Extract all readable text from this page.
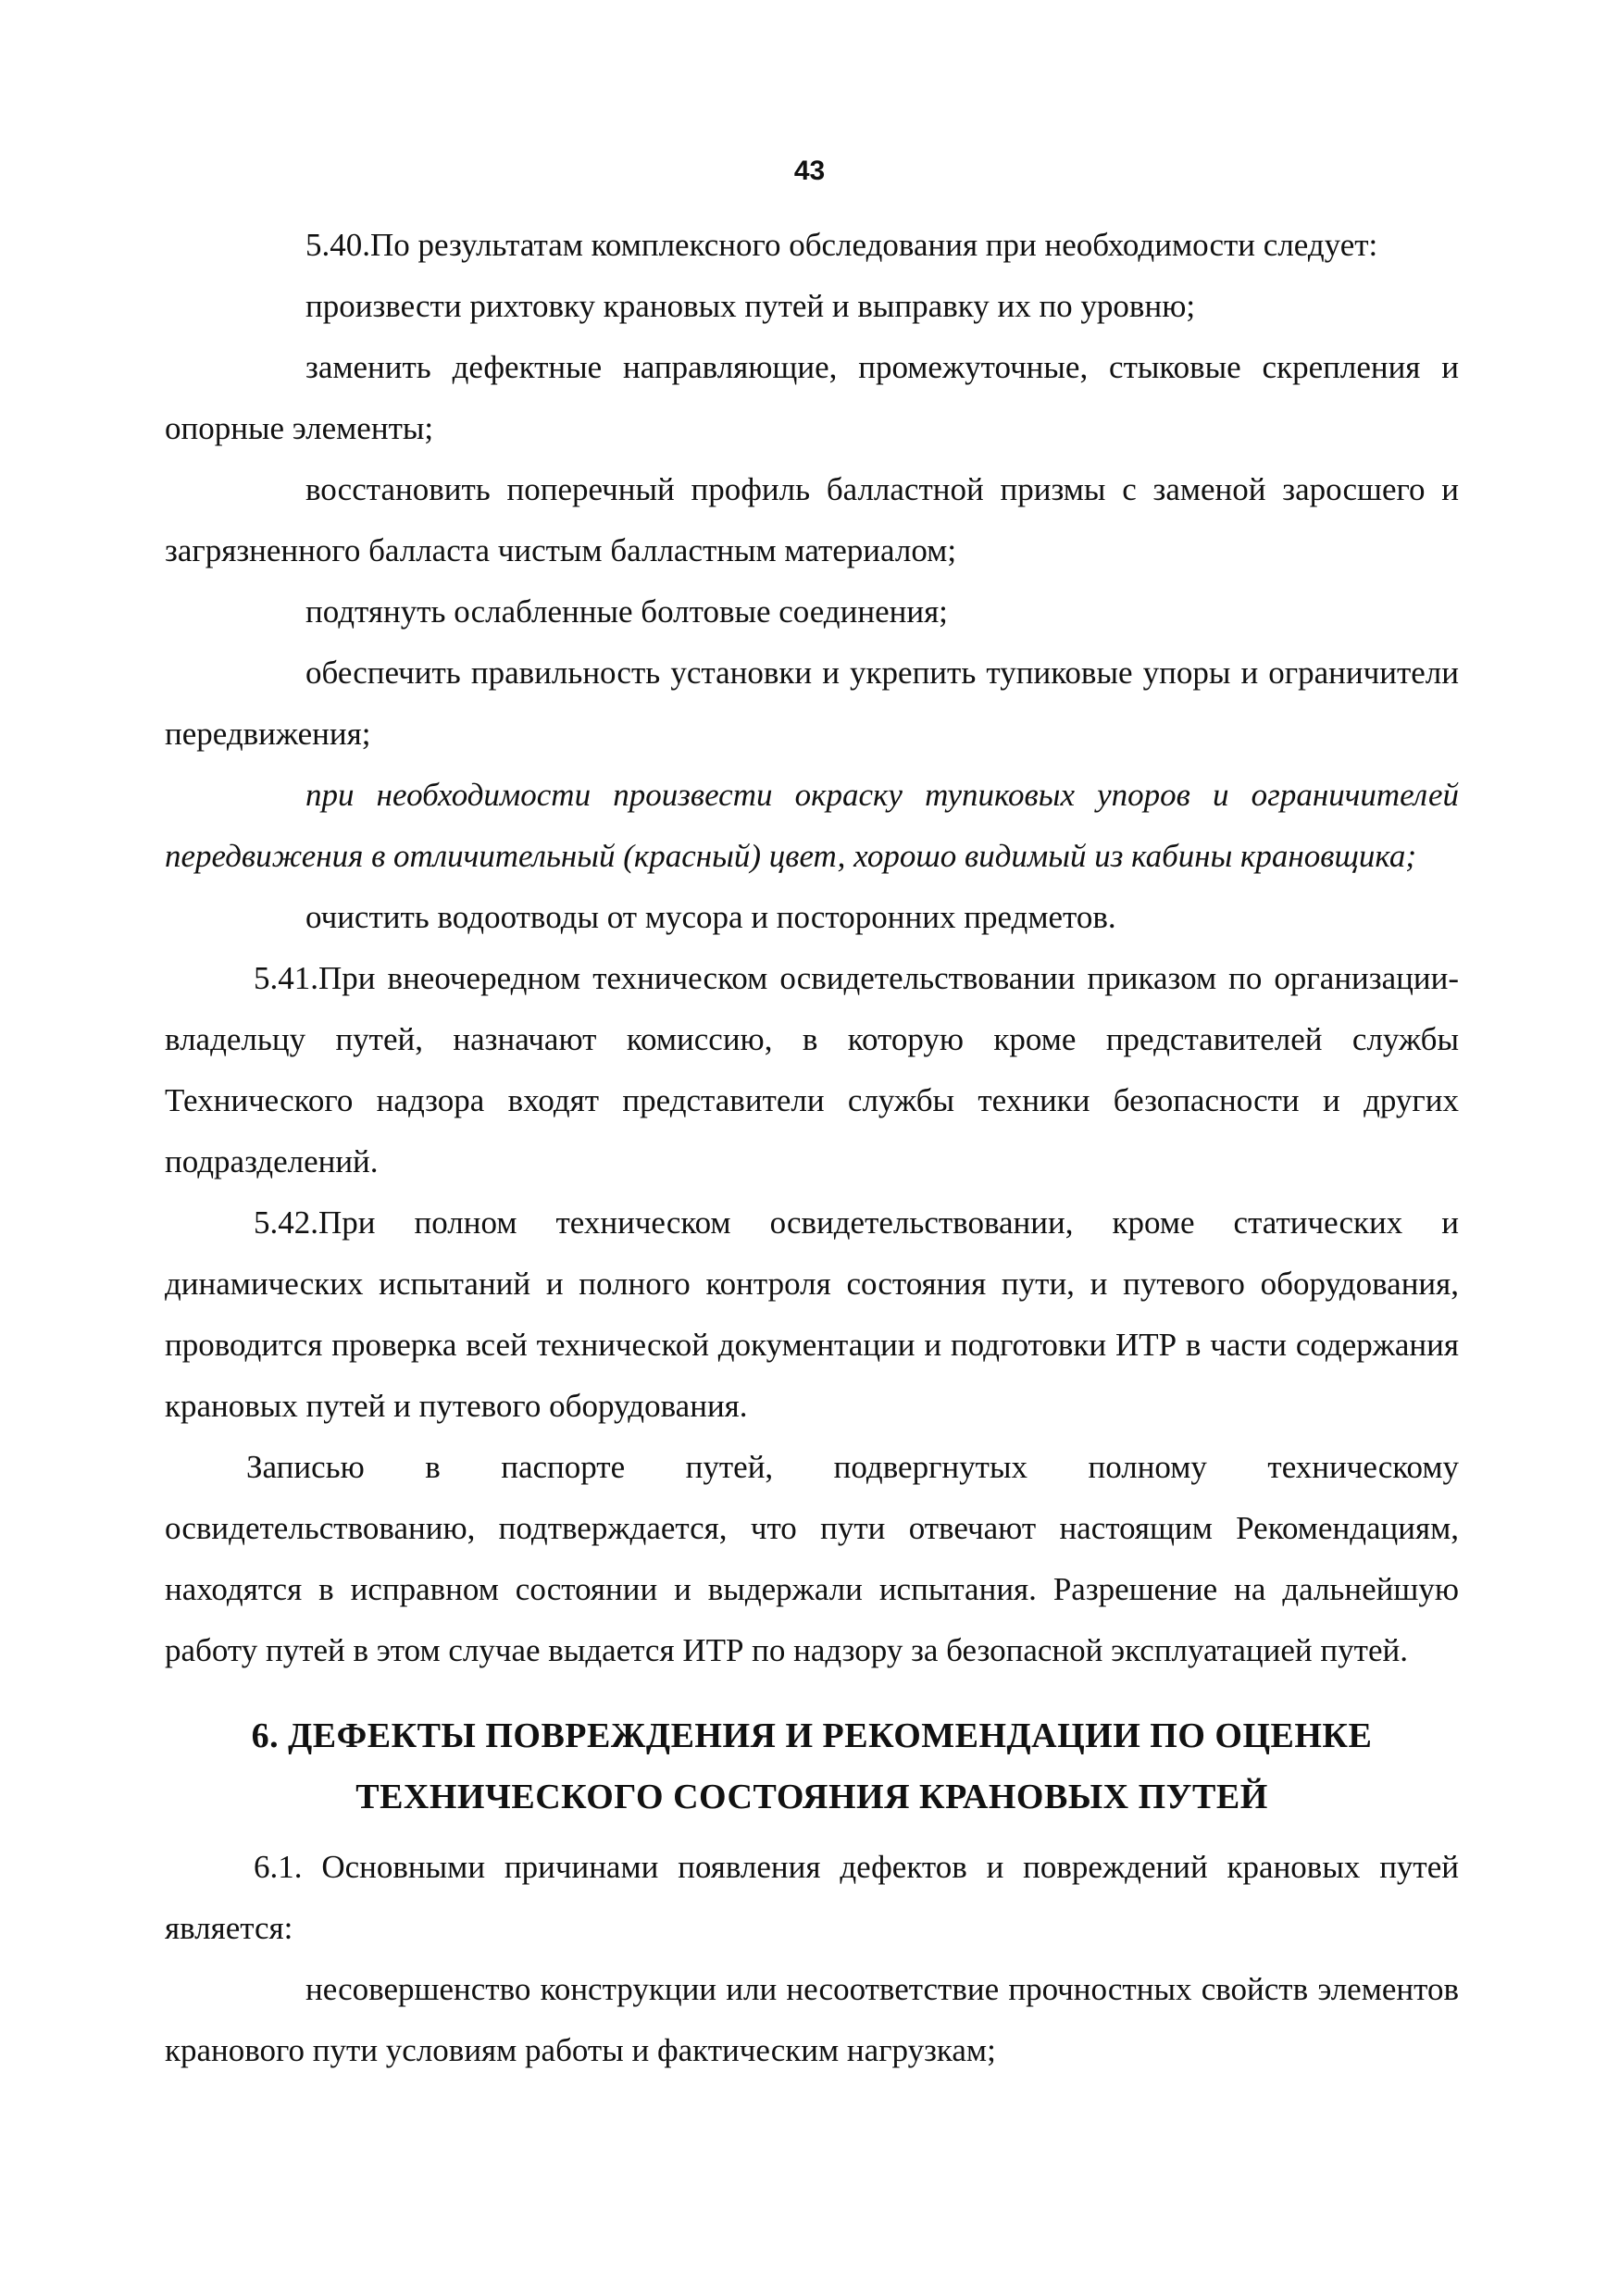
43

5.40.По результатам комплексного обследования при необходимости следует:

произвести рихтовку крановых путей и выправку их по уровню;

заменить дефектные направляющие, промежуточные, стыковые скрепления и опорные элементы;

восстановить поперечный профиль балластной призмы с заменой заросшего и загрязненного балласта чистым балластным материалом;

подтянуть ослабленные болтовые соединения;

обеспечить правильность установки и укрепить тупиковые упоры и ограничители передвижения;

при необходимости произвести окраску тупиковых упоров и ограничителей передвижения в отличительный (красный) цвет, хорошо видимый из кабины крановщика;

очистить водоотводы от мусора и посторонних предметов.

5.41.При внеочередном техническом освидетельствовании приказом по организации-владельцу путей, назначают комиссию, в которую кроме представителей службы Технического надзора входят представители службы техники безопасности и других подразделений.

5.42.При полном техническом освидетельствовании, кроме статических и динамических испытаний и полного контроля состояния пути, и путевого оборудования, проводится проверка всей технической документации и подготовки ИТР в части содержания крановых путей и путевого оборудования.

Записью в паспорте путей, подвергнутых полному техническому освидетельствованию, подтверждается, что пути отвечают настоящим Рекомендациям, находятся в исправном состоянии и выдержали испытания. Разрешение на дальнейшую работу путей в этом случае выдается ИТР по надзору за безопасной эксплуатацией путей.

6. ДЕФЕКТЫ ПОВРЕЖДЕНИЯ И РЕКОМЕНДАЦИИ ПО ОЦЕНКЕ
ТЕХНИЧЕСКОГО СОСТОЯНИЯ КРАНОВЫХ ПУТЕЙ

6.1. Основными причинами появления дефектов и повреждений крановых путей является:

несовершенство конструкции или несоответствие прочностных свойств элементов кранового пути условиям работы и фактическим нагрузкам;
